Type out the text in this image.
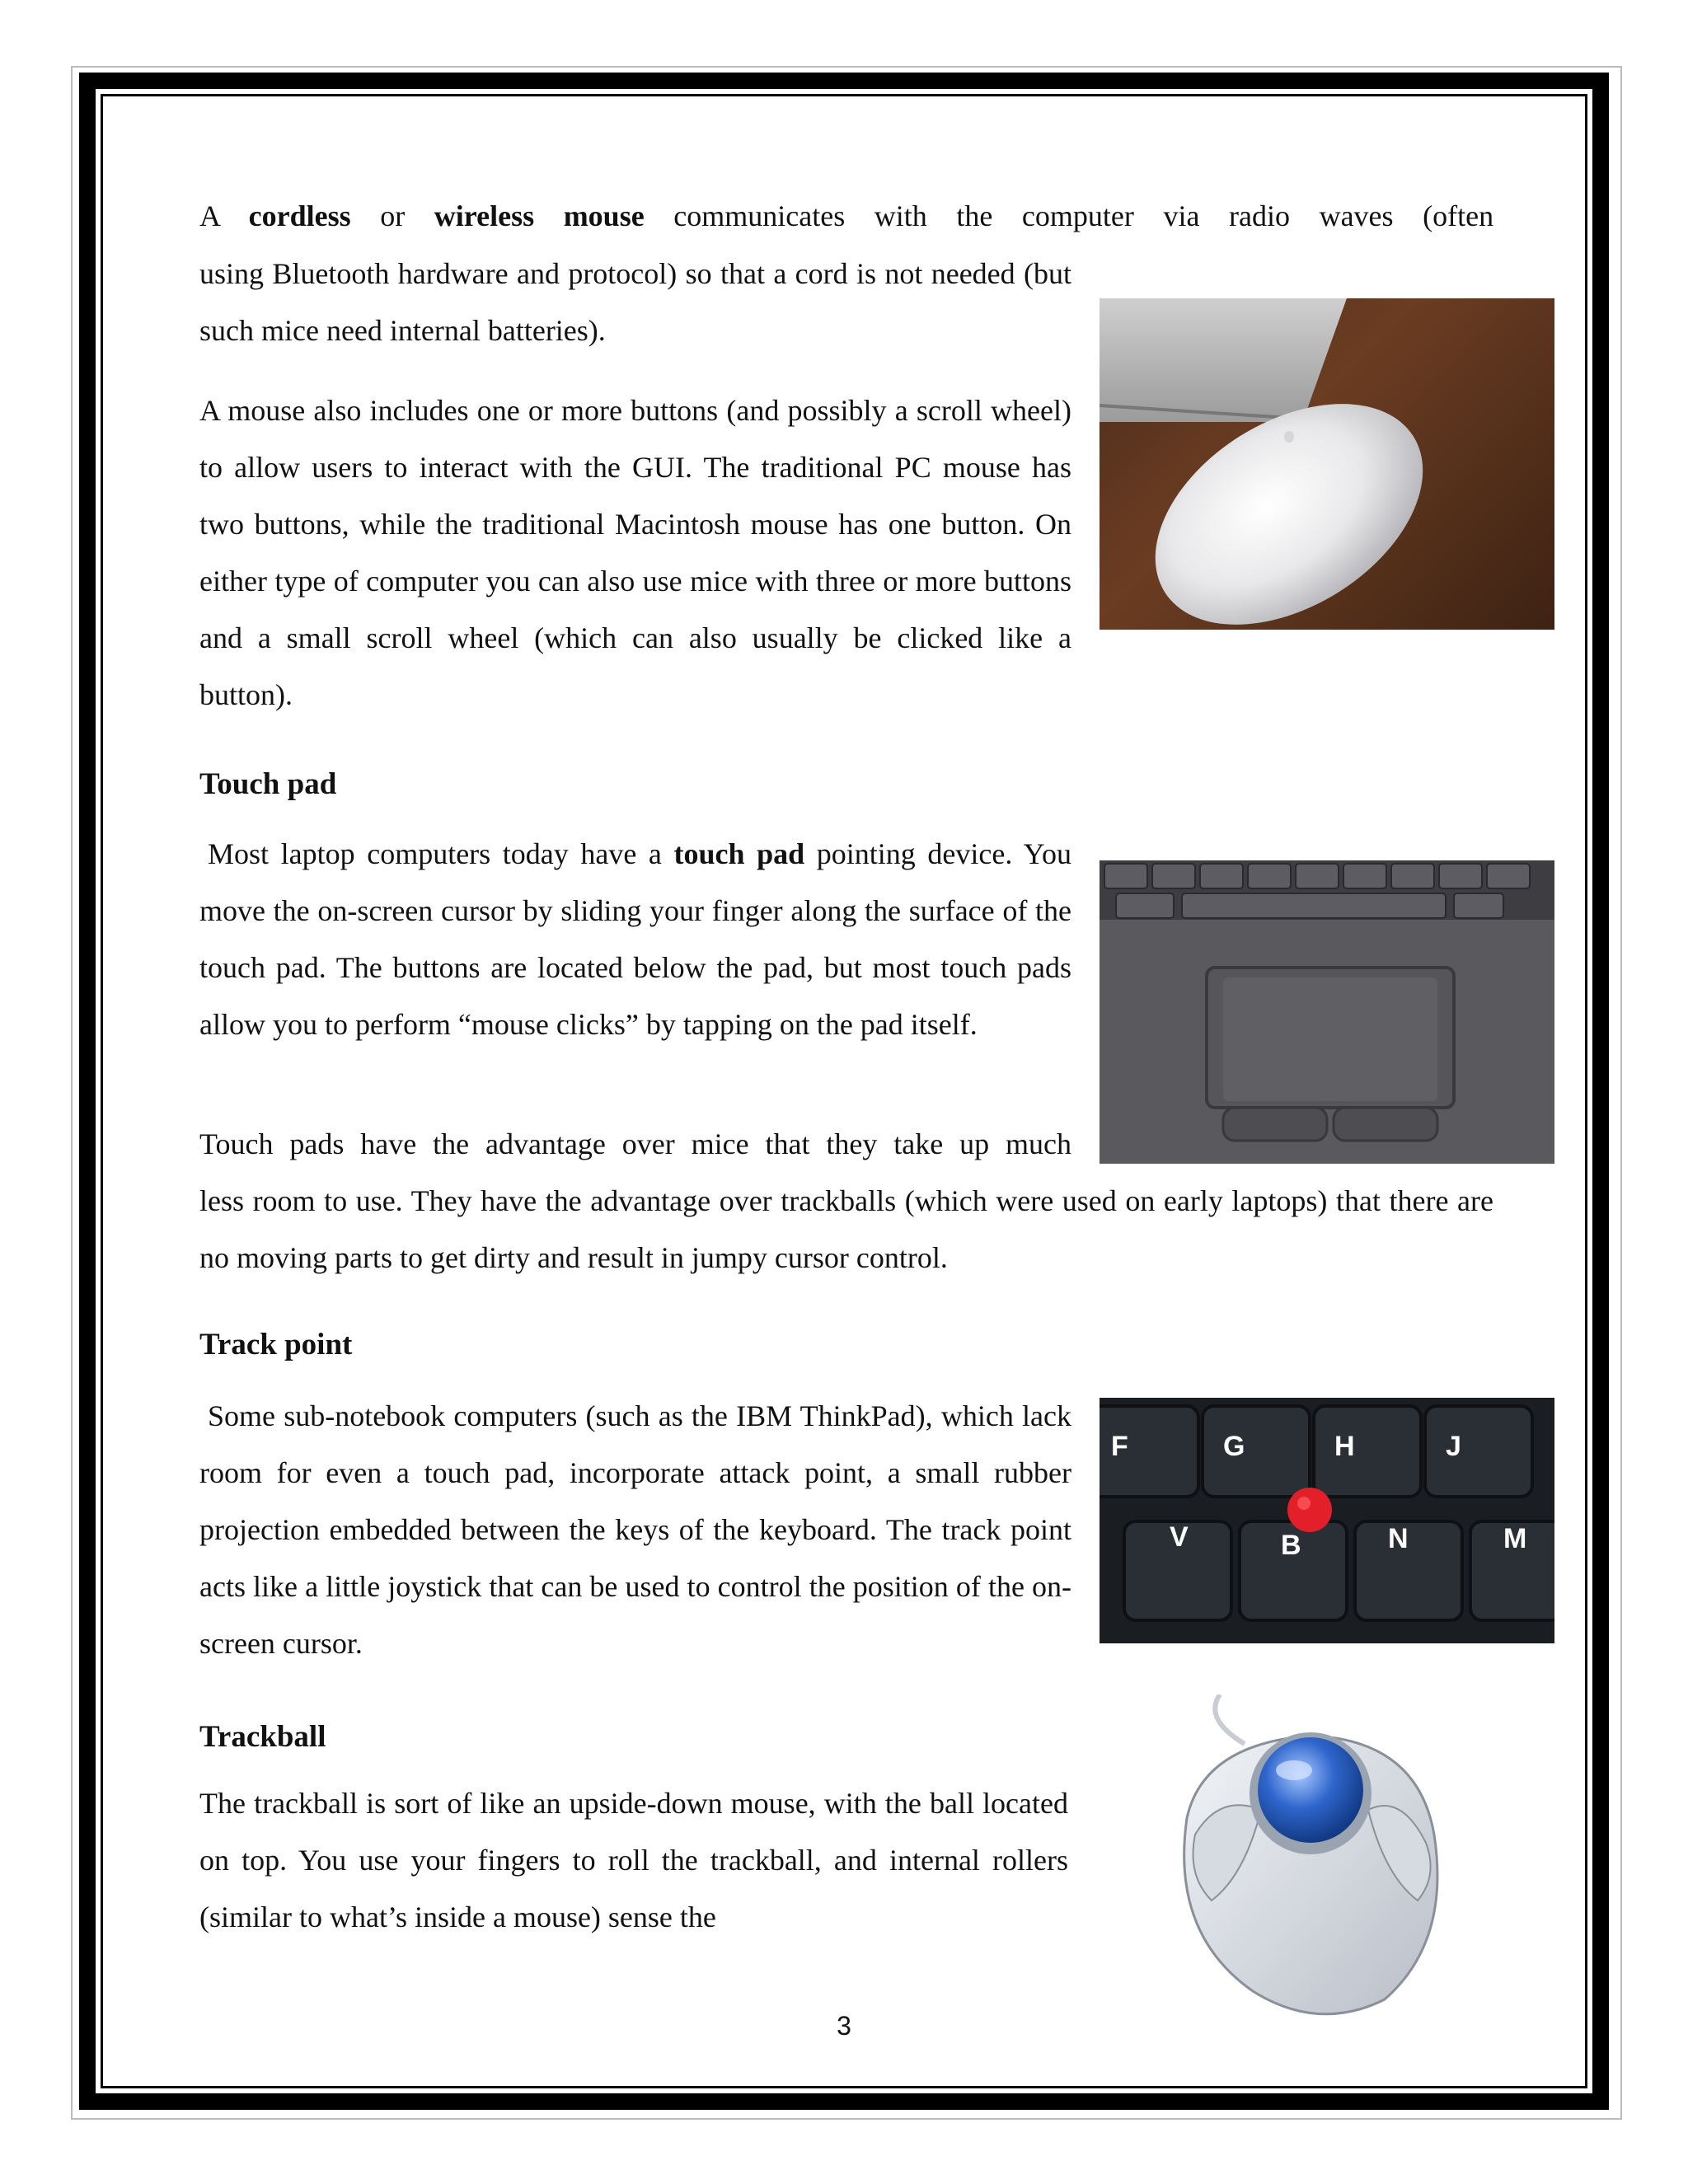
A cordless or wireless mouse communicates with the computer via radio waves (often
using Bluetooth hardware and protocol) so that a cord is not needed (but such mice need internal batteries).
A mouse also includes one or more buttons (and possibly a scroll wheel) to allow users to interact with the GUI. The traditional PC mouse has two buttons, while the traditional Macintosh mouse has one button. On either type of computer you can also use mice with three or more buttons and a small scroll wheel (which can also usually be clicked like a button).
Touch pad
Most laptop computers today have a touch pad pointing device. You move the on-screen cursor by sliding your finger along the surface of the touch pad. The buttons are located below the pad, but most touch pads allow you to perform “mouse clicks” by tapping on the pad itself.
Touch pads have the advantage over mice that they take up much
less room to use. They have the advantage over trackballs (which were used on early laptops) that there are no moving parts to get dirty and result in jumpy cursor control.
Track point
Some sub-notebook computers (such as the IBM ThinkPad), which lack room for even a touch pad, incorporate attack point, a small rubber projection embedded between the keys of the keyboard. The track point acts like a little joystick that can be used to control the position of the on-screen cursor.
F	G	H	J
V	B	N	M
Trackball
The trackball is sort of like an upside-down mouse, with the ball located on top. You use your fingers to roll the trackball, and internal rollers (similar to what’s inside a mouse) sense the
3
